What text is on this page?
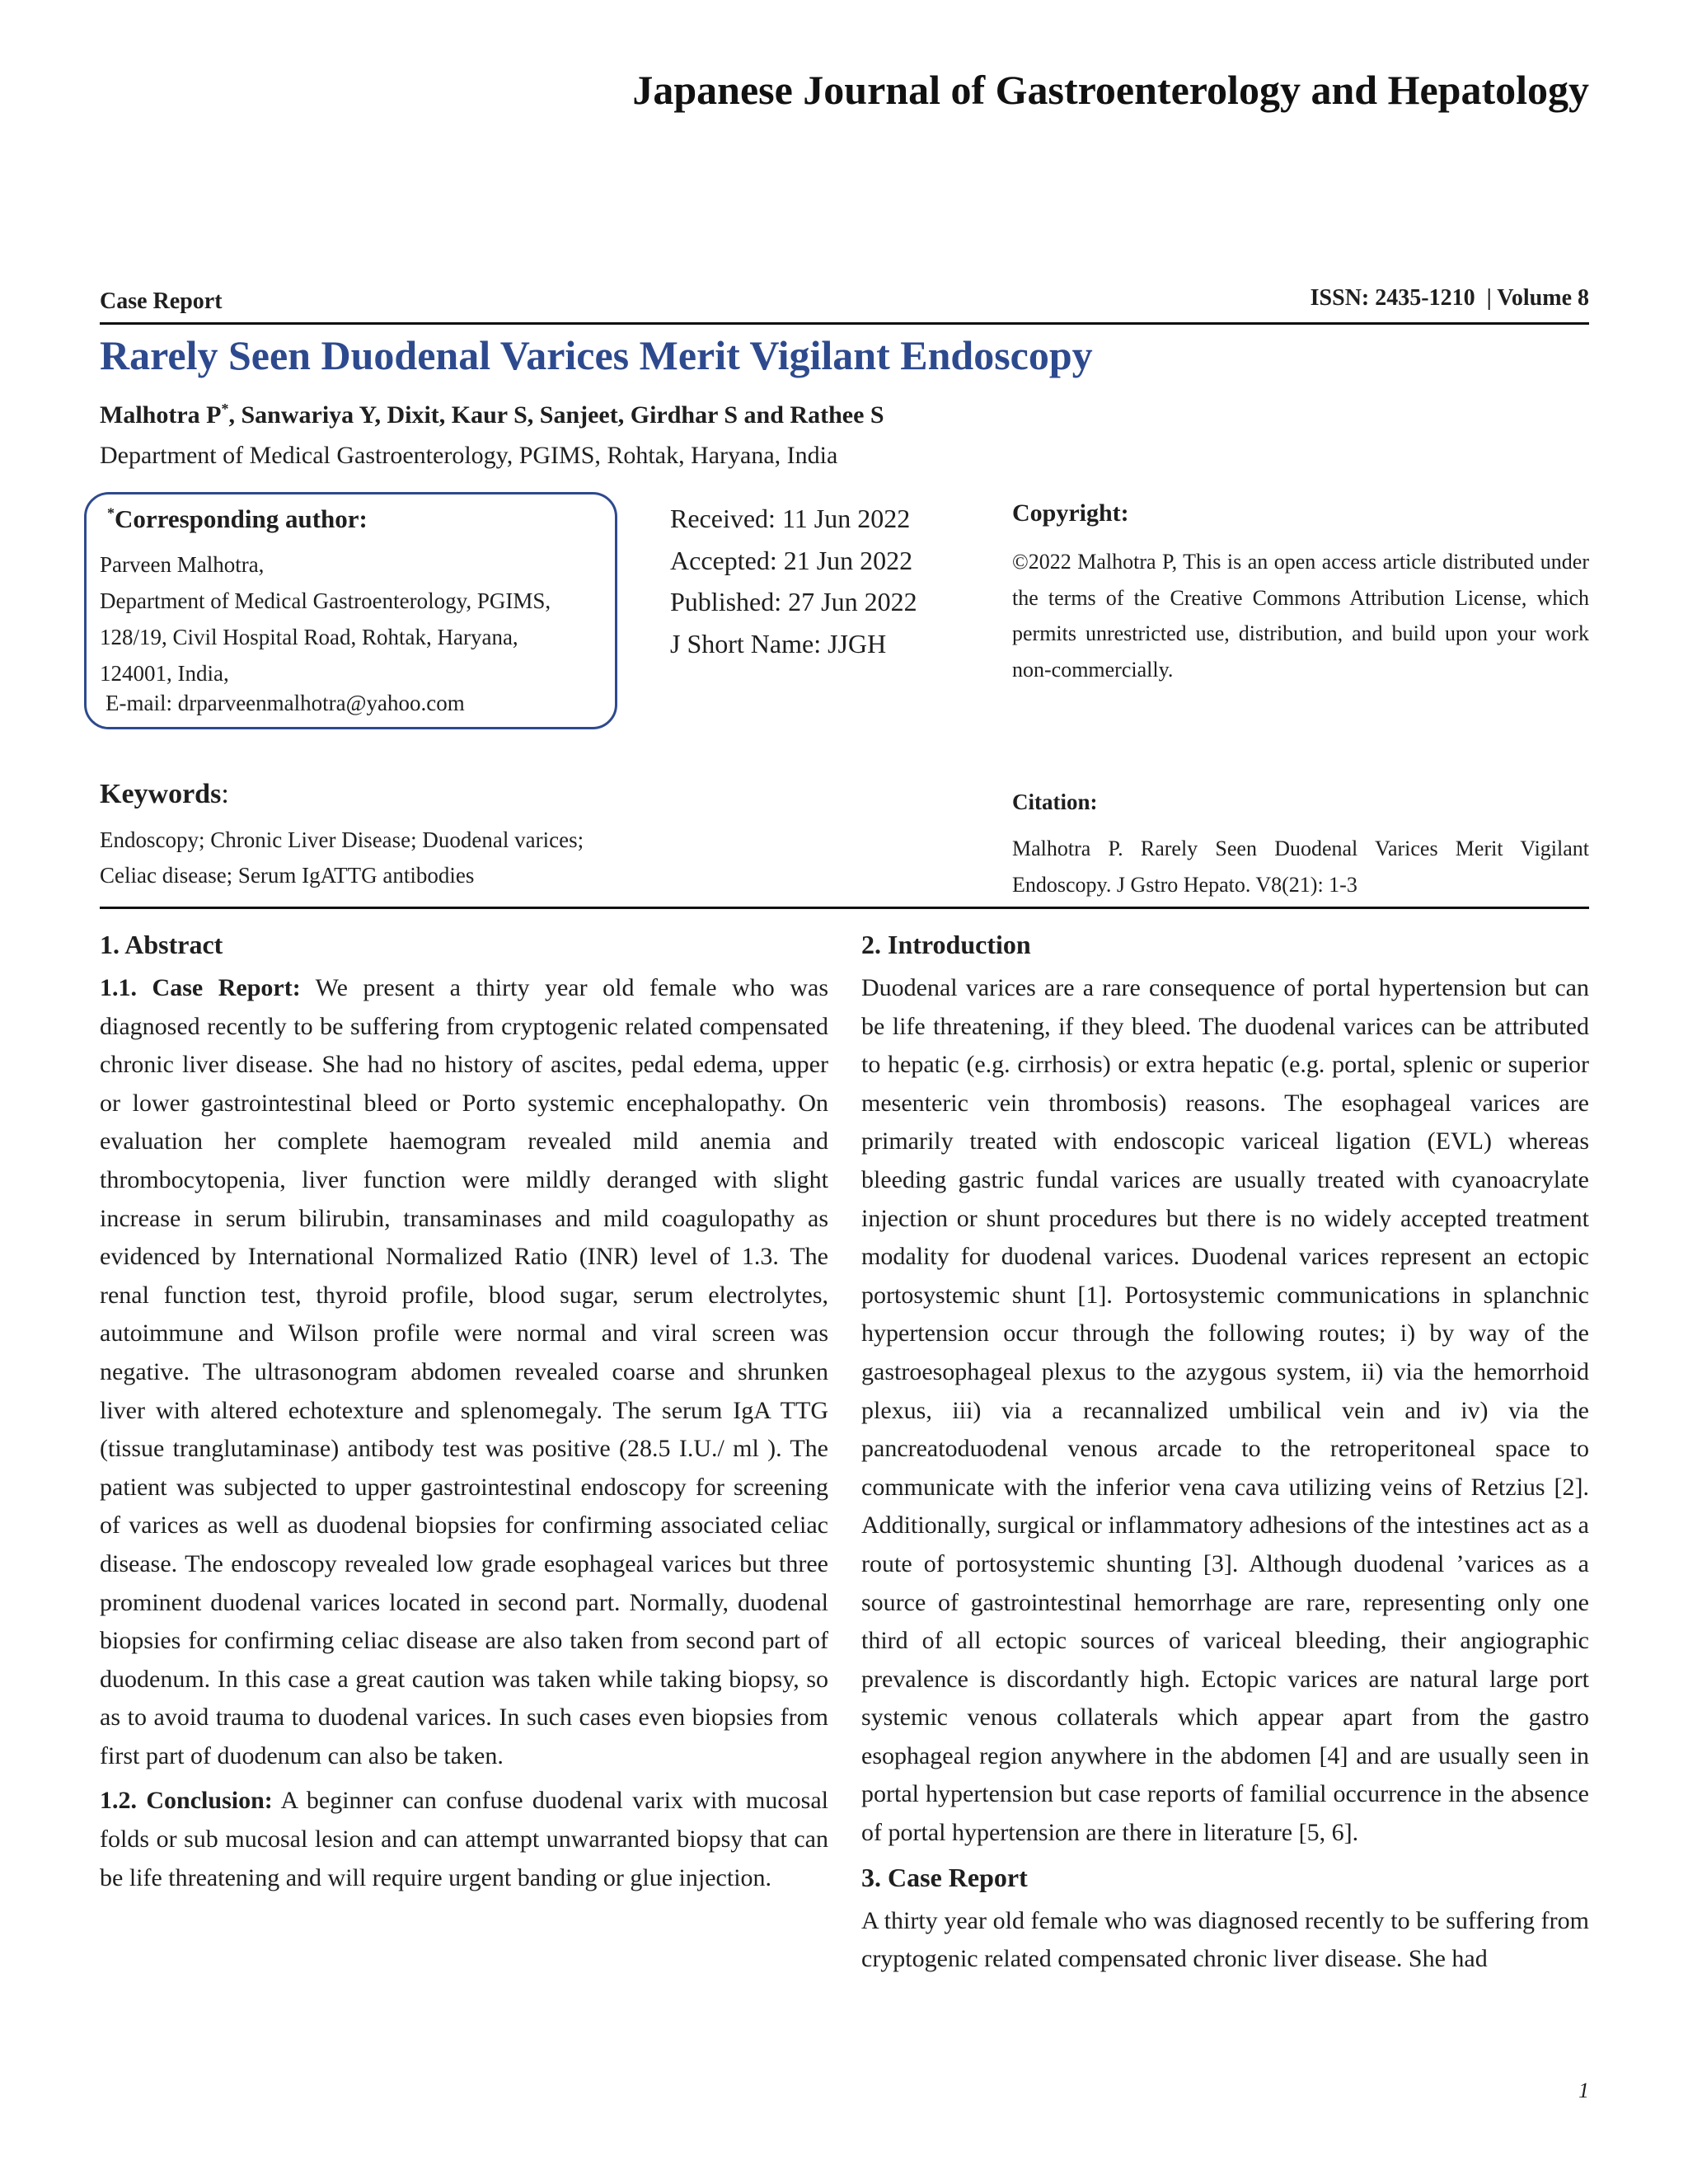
Japanese Journal of Gastroenterology and Hepatology
Case Report	ISSN: 2435-1210 | Volume 8
Rarely Seen Duodenal Varices Merit Vigilant Endoscopy
Malhotra P*, Sanwariya Y, Dixit, Kaur S, Sanjeet, Girdhar S and Rathee S
Department of Medical Gastroenterology, PGIMS, Rohtak, Haryana, India
*Corresponding author:
Parveen Malhotra,
Department of Medical Gastroenterology, PGIMS,
128/19, Civil Hospital Road, Rohtak, Haryana,
124001, India,
E-mail: drparveenmalhotra@yahoo.com
Received: 11 Jun 2022
Accepted: 21 Jun 2022
Published: 27 Jun 2022
J Short Name: JJGH
Copyright:
©2022 Malhotra P, This is an open access article distributed under the terms of the Creative Commons Attribution License, which permits unrestricted use, distribution, and build upon your work non-commercially.
Keywords:
Endoscopy; Chronic Liver Disease; Duodenal varices; Celiac disease; Serum IgATTG antibodies
Citation:
Malhotra P. Rarely Seen Duodenal Varices Merit Vigilant Endoscopy. J Gstro Hepato. V8(21): 1-3
1. Abstract

1.1. Case Report: We present a thirty year old female who was diagnosed recently to be suffering from cryptogenic related compensated chronic liver disease. She had no history of ascites, pedal edema, upper or lower gastrointestinal bleed or Porto systemic encephalopathy. On evaluation her complete haemogram revealed mild anemia and thrombocytopenia, liver function were mildly deranged with slight increase in serum bilirubin, transaminases and mild coagulopathy as evidenced by International Normalized Ratio (INR) level of 1.3. The renal function test, thyroid profile, blood sugar, serum electrolytes, autoimmune and Wilson profile were normal and viral screen was negative. The ultrasonogram abdomen revealed coarse and shrunken liver with altered echotexture and splenomegaly. The serum IgA TTG (tissue tranglutaminase) antibody test was positive (28.5 I.U./ ml ). The patient was subjected to upper gastrointestinal endoscopy for screening of varices as well as duodenal biopsies for confirming associated celiac disease. The endoscopy revealed low grade esophageal varices but three prominent duodenal varices located in second part. Normally, duodenal biopsies for confirming celiac disease are also taken from second part of duodenum. In this case a great caution was taken while taking biopsy, so as to avoid trauma to duodenal varices. In such cases even biopsies from first part of duodenum can also be taken.

1.2. Conclusion: A beginner can confuse duodenal varix with mucosal folds or sub mucosal lesion and can attempt unwarranted biopsy that can be life threatening and will require urgent banding or glue injection.

2. Introduction

Duodenal varices are a rare consequence of portal hypertension but can be life threatening, if they bleed. The duodenal varices can be attributed to hepatic (e.g. cirrhosis) or extra hepatic (e.g. portal, splenic or superior mesenteric vein thrombosis) reasons. The esophageal varices are primarily treated with endoscopic variceal ligation (EVL) whereas bleeding gastric fundal varices are usually treated with cyanoacrylate injection or shunt procedures but there is no widely accepted treatment modality for duodenal varices. Duodenal varices represent an ectopic portosystemic shunt [1]. Portosystemic communications in splanchnic hypertension occur through the following routes; i) by way of the gastroesophageal plexus to the azygous system, ii) via the hemorrhoid plexus, iii) via a recannalized umbilical vein and iv) via the pancreatoduodenal venous arcade to the retroperitoneal space to communicate with the inferior vena cava utilizing veins of Retzius [2]. Additionally, surgical or inflammatory adhesions of the intestines act as a route of portosystemic shunting [3]. Although duodenal ’varices as a source of gastrointestinal hemorrhage are rare, representing only one third of all ectopic sources of variceal bleeding, their angiographic prevalence is discordantly high. Ectopic varices are natural large port systemic venous collaterals which appear apart from the gastro esophageal region anywhere in the abdomen [4] and are usually seen in portal hypertension but case reports of familial occurrence in the absence of portal hypertension are there in literature [5, 6].

3. Case Report

A thirty year old female who was diagnosed recently to be suffering from cryptogenic related compensated chronic liver disease. She had

1
